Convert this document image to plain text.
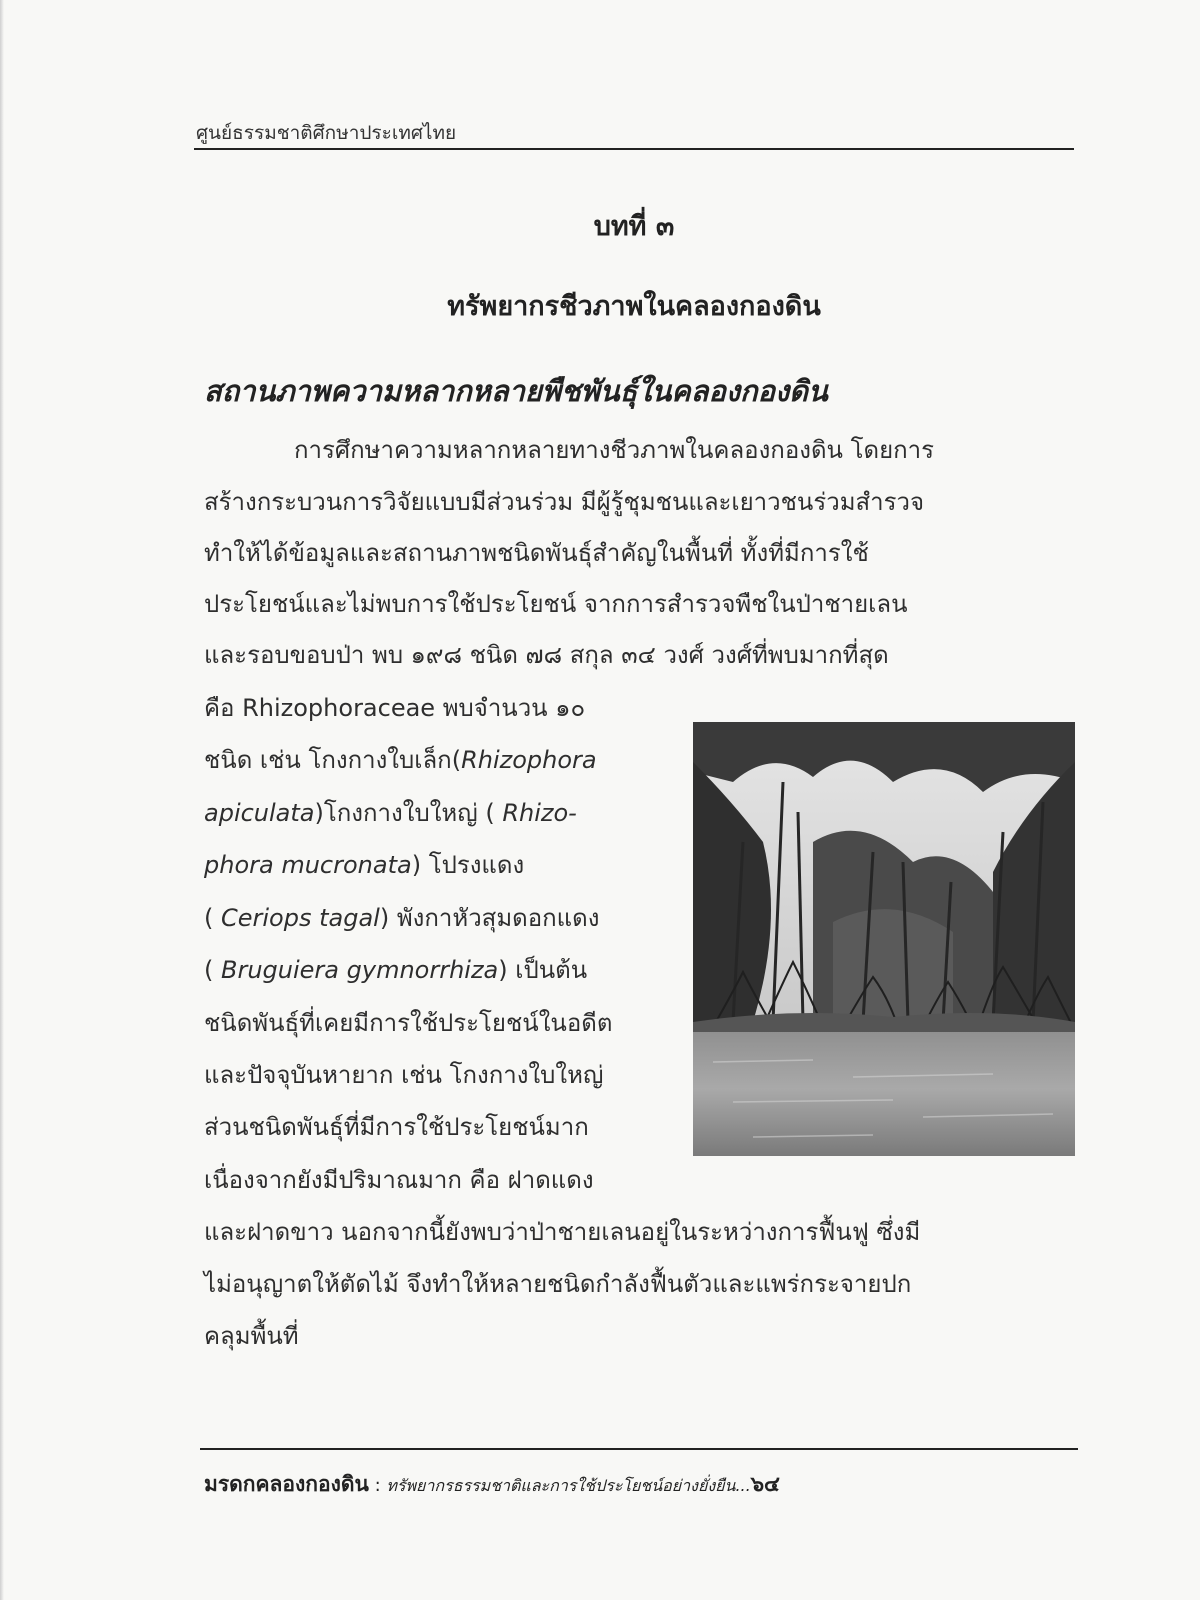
ศูนย์ธรรมชาติศึกษาประเทศไทย
บทที่ ๓
ทรัพยากรชีวภาพในคลองกองดิน
สถานภาพความหลากหลายพืชพันธุ์ในคลองกองดิน
การศึกษาความหลากหลายทางชีวภาพในคลองกองดิน โดยการ
สร้างกระบวนการวิจัยแบบมีส่วนร่วม มีผู้รู้ชุมชนและเยาวชนร่วมสำรวจ
ทำให้ได้ข้อมูลและสถานภาพชนิดพันธุ์สำคัญในพื้นที่ ทั้งที่มีการใช้
ประโยชน์และไม่พบการใช้ประโยชน์ จากการสำรวจพืชในป่าชายเลน
และรอบขอบป่า พบ ๑๙๘ ชนิด ๗๘ สกุล ๓๔ วงศ์ วงศ์ที่พบมากที่สุด
คือ Rhizophoraceae พบจำนวน ๑๐
ชนิด เช่น โกงกางใบเล็ก(Rhizophora
apiculata)โกงกางใบใหญ่ ( Rhizo-
phora mucronata) โปรงแดง
( Ceriops tagal) พังกาหัวสุมดอกแดง
( Bruguiera gymnorrhiza) เป็นต้น
ชนิดพันธุ์ที่เคยมีการใช้ประโยชน์ในอดีต
และปัจจุบันหายาก เช่น โกงกางใบใหญ่
ส่วนชนิดพันธุ์ที่มีการใช้ประโยชน์มาก
เนื่องจากยังมีปริมาณมาก คือ ฝาดแดง
และฝาดขาว นอกจากนี้ยังพบว่าป่าชายเลนอยู่ในระหว่างการฟื้นฟู ซึ่งมี
ไม่อนุญาตให้ตัดไม้ จึงทำให้หลายชนิดกำลังฟื้นตัวและแพร่กระจายปก
คลุมพื้นที่
มรดกคลองกองดิน : ทรัพยากรธรรมชาติและการใช้ประโยชน์อย่างยั่งยืน...๖๔
